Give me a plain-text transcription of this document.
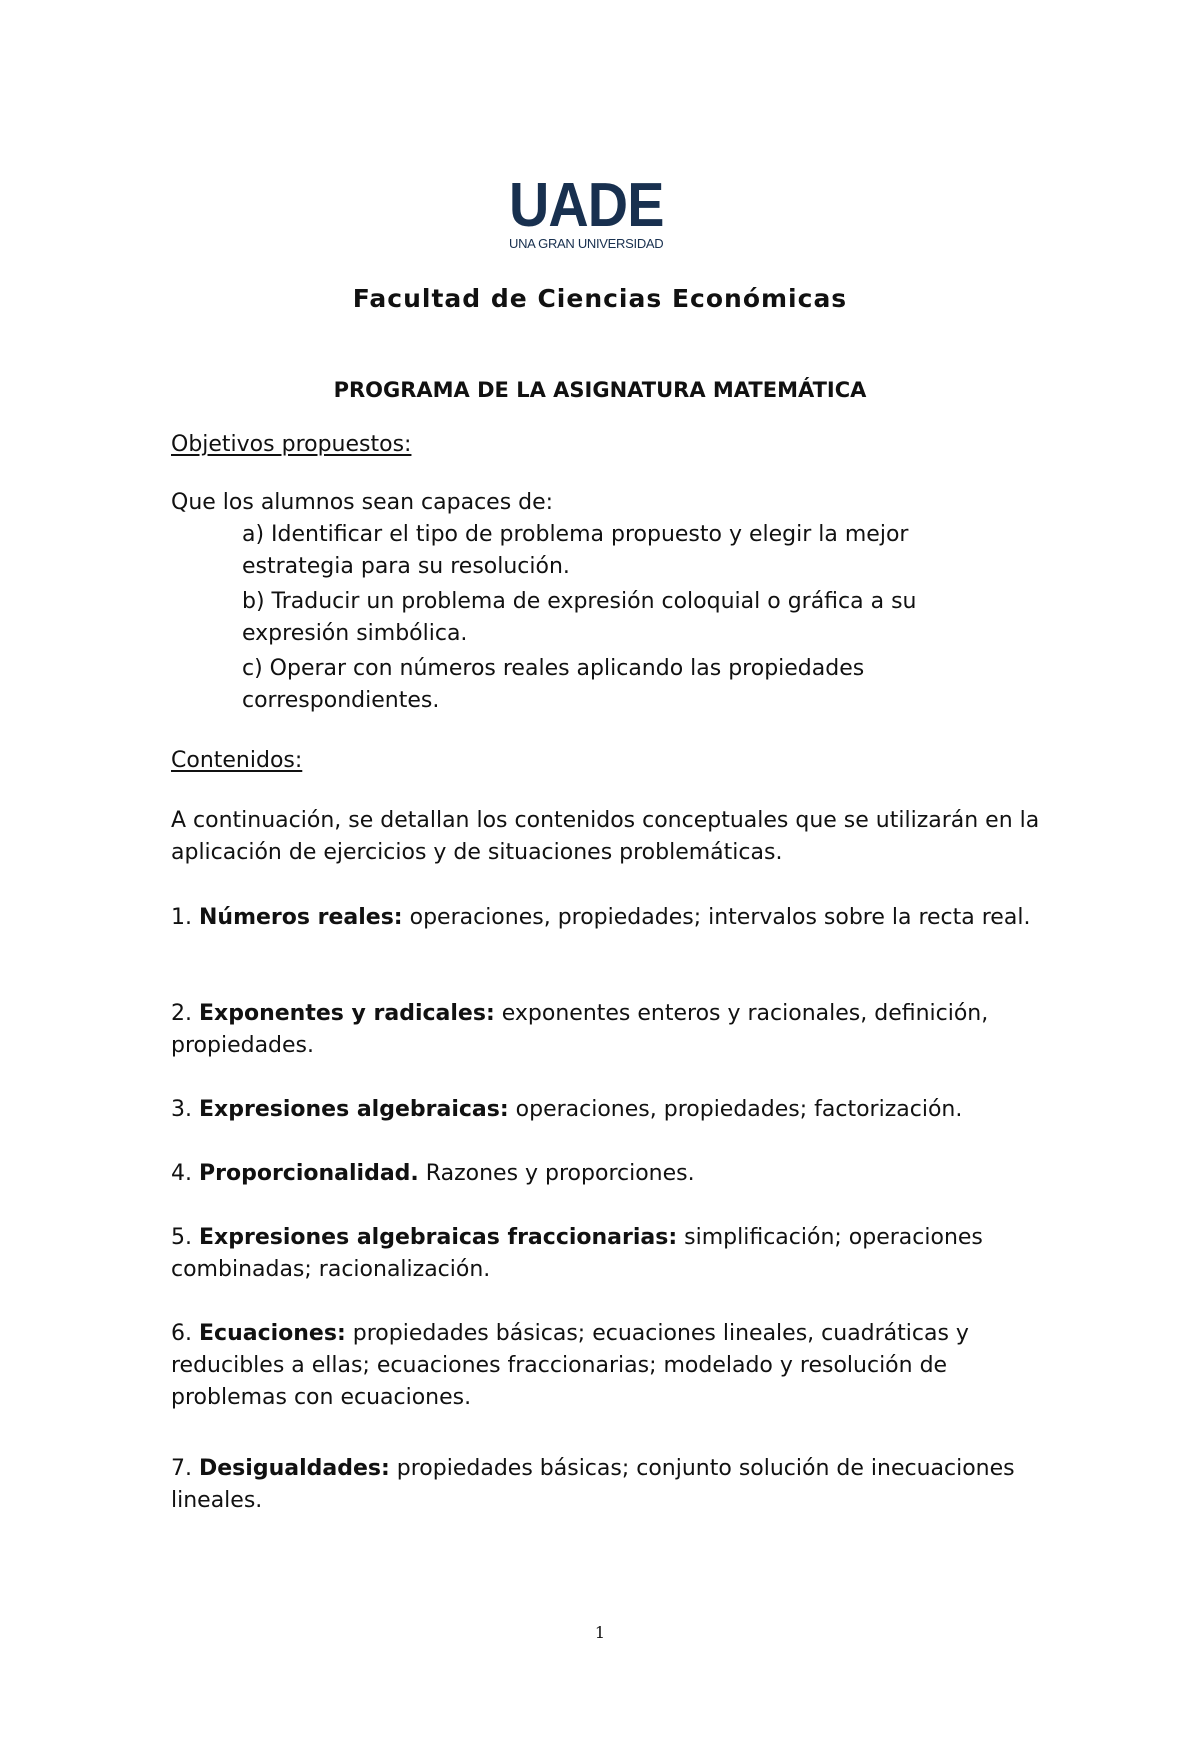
UADE
UNA GRAN UNIVERSIDAD
Facultad de Ciencias Económicas
PROGRAMA DE LA ASIGNATURA MATEMÁTICA
Objetivos propuestos:
Que los alumnos sean capaces de:
a) Identificar el tipo de problema propuesto y elegir la mejor estrategia para su resolución.
b) Traducir un problema de expresión coloquial o gráfica a su expresión simbólica.
c) Operar con números reales aplicando las propiedades correspondientes.
Contenidos:
A continuación, se detallan los contenidos conceptuales que se utilizarán en la aplicación de ejercicios y de situaciones problemáticas.
1. Números reales: operaciones, propiedades; intervalos sobre la recta real.
2. Exponentes y radicales: exponentes enteros y racionales, definición, propiedades.
3. Expresiones algebraicas: operaciones, propiedades; factorización.
4. Proporcionalidad. Razones y proporciones.
5. Expresiones algebraicas fraccionarias: simplificación; operaciones combinadas; racionalización.
6. Ecuaciones: propiedades básicas; ecuaciones lineales, cuadráticas y reducibles a ellas; ecuaciones fraccionarias; modelado y resolución de problemas con ecuaciones.
7. Desigualdades: propiedades básicas; conjunto solución de inecuaciones lineales.
1
